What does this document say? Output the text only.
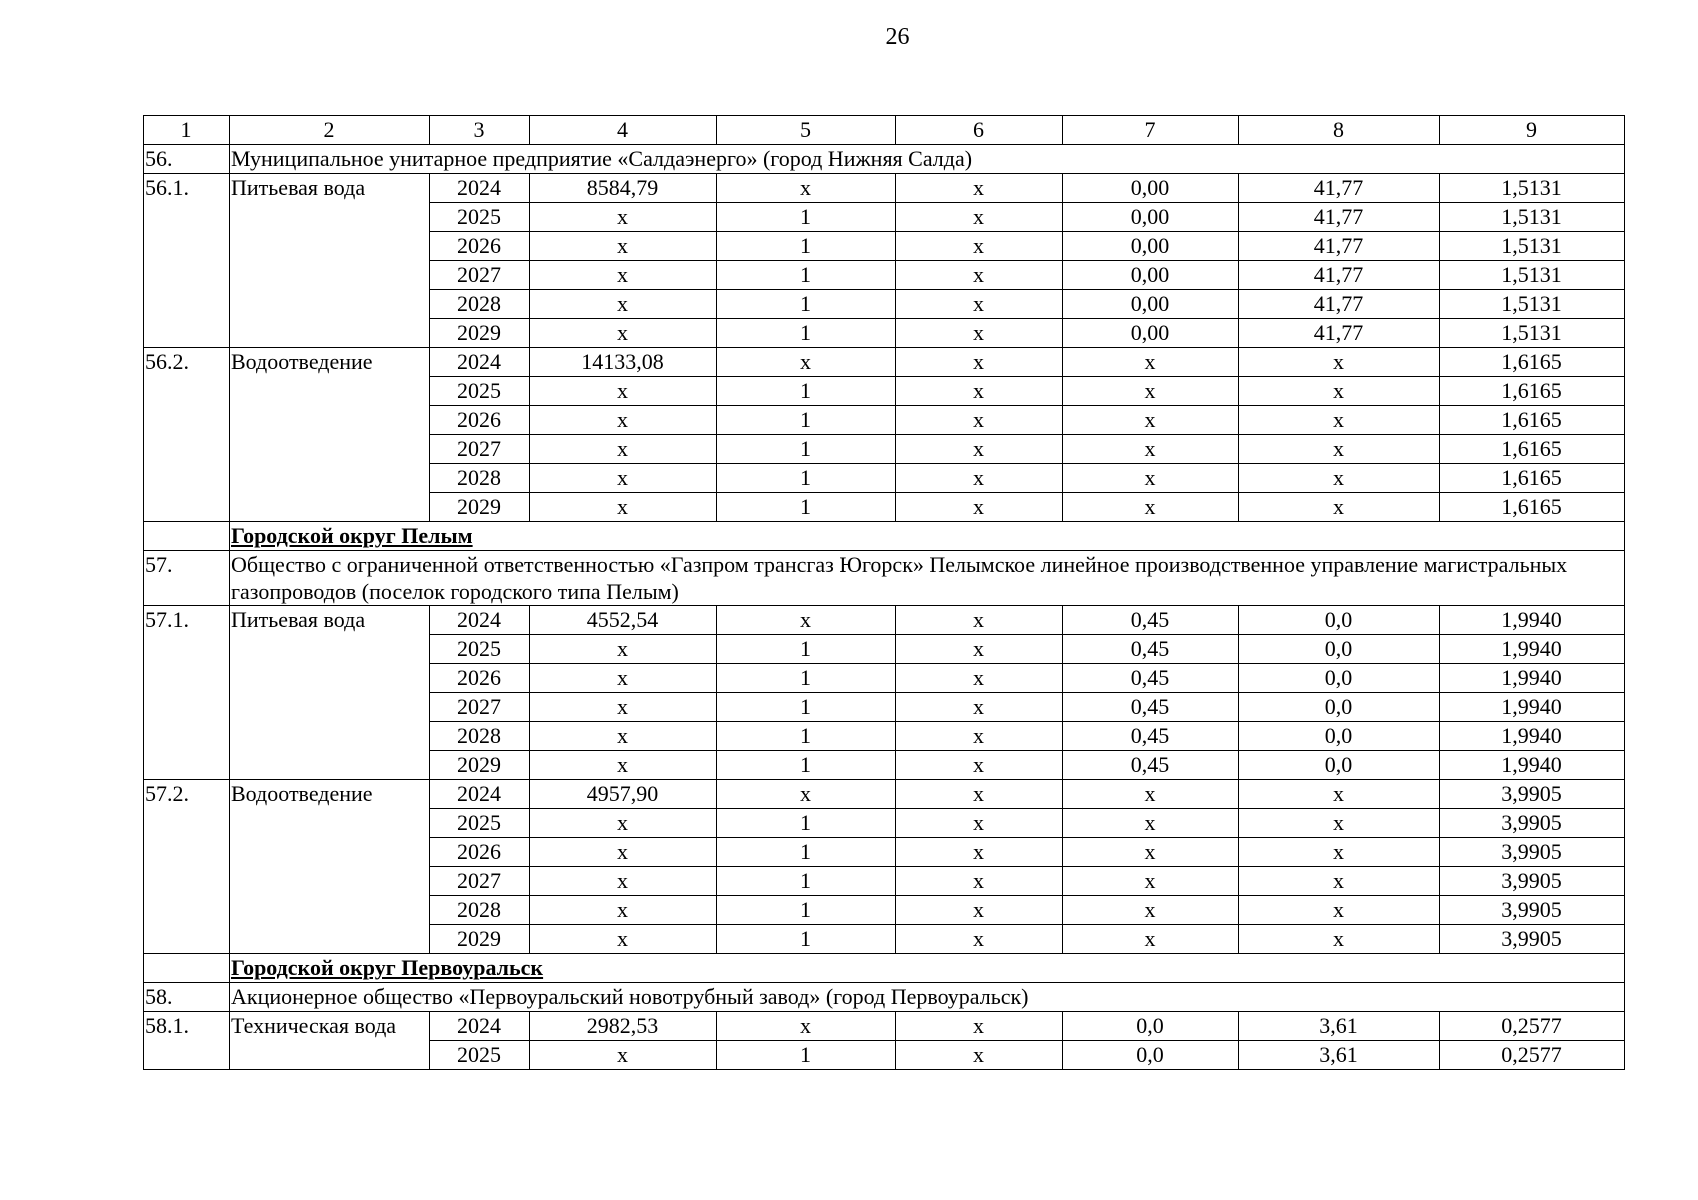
26
1	2	3	4	5	6	7	8	9
56.	Муниципальное унитарное предприятие «Салдаэнерго» (город Нижняя Салда)							
56.1.	Питьевая вода	2024	8584,79	x	x	0,00	41,77	1,5131
		2025	x	1	x	0,00	41,77	1,5131
		2026	x	1	x	0,00	41,77	1,5131
		2027	x	1	x	0,00	41,77	1,5131
		2028	x	1	x	0,00	41,77	1,5131
		2029	x	1	x	0,00	41,77	1,5131
56.2.	Водоотведение	2024	14133,08	x	x	x	x	1,6165
		2025	x	1	x	x	x	1,6165
		2026	x	1	x	x	x	1,6165
		2027	x	1	x	x	x	1,6165
		2028	x	1	x	x	x	1,6165
		2029	x	1	x	x	x	1,6165
	Городской округ Пелым							
57.	Общество с ограниченной ответственностью «Газпром трансгаз Югорск» Пелымское линейное производственное управление магистральных газопроводов (поселок городского типа Пелым)							
57.1.	Питьевая вода	2024	4552,54	x	x	0,45	0,0	1,9940
		2025	x	1	x	0,45	0,0	1,9940
		2026	x	1	x	0,45	0,0	1,9940
		2027	x	1	x	0,45	0,0	1,9940
		2028	x	1	x	0,45	0,0	1,9940
		2029	x	1	x	0,45	0,0	1,9940
57.2.	Водоотведение	2024	4957,90	x	x	x	x	3,9905
		2025	x	1	x	x	x	3,9905
		2026	x	1	x	x	x	3,9905
		2027	x	1	x	x	x	3,9905
		2028	x	1	x	x	x	3,9905
		2029	x	1	x	x	x	3,9905
	Городской округ Первоуральск							
58.	Акционерное общество «Первоуральский новотрубный завод» (город Первоуральск)							
58.1.	Техническая вода	2024	2982,53	x	x	0,0	3,61	0,2577
		2025	x	1	x	0,0	3,61	0,2577
